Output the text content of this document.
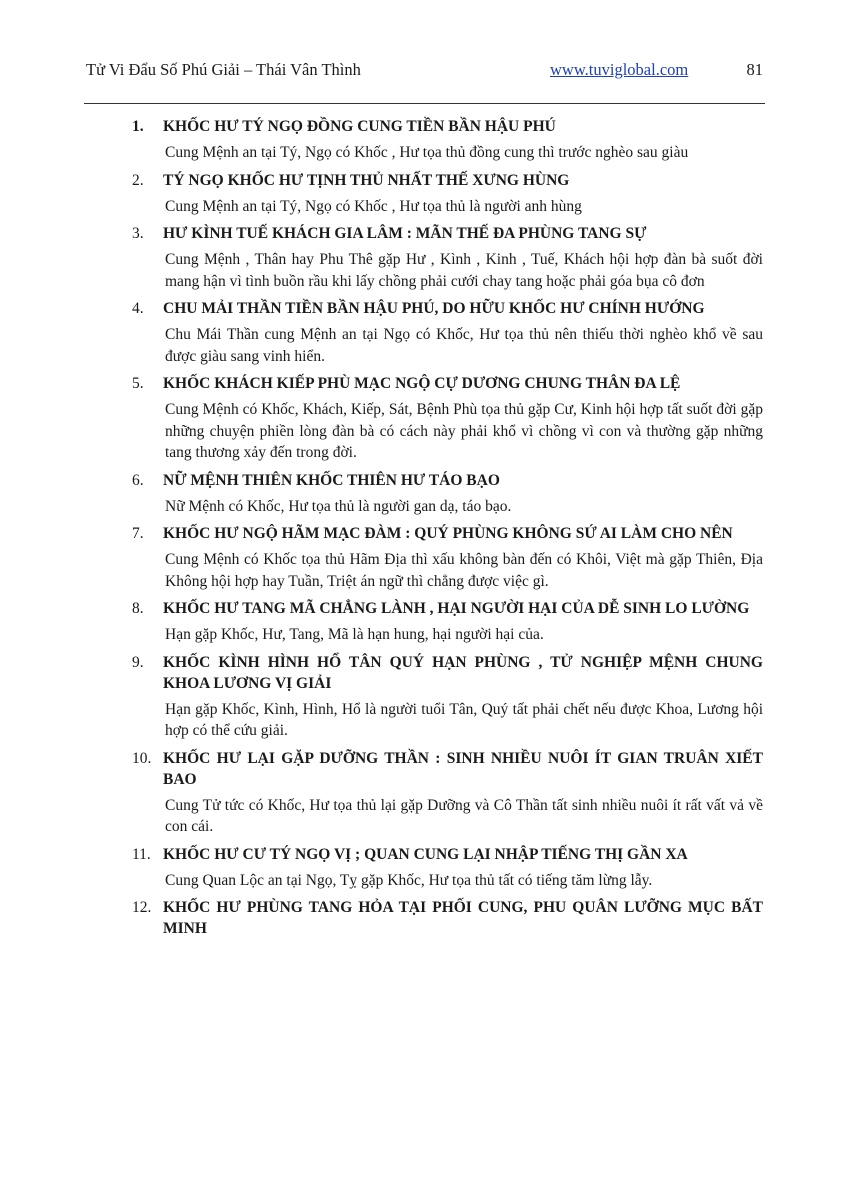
Tử Vi Đẩu Số Phú Giải – Thái Vân Thình	www.tuviglobal.com	81
1.	KHỐC HƯ TÝ NGỌ ĐỒNG CUNG TIỀN BẦN HẬU PHÚ
Cung Mệnh an tại Tý, Ngọ có Khốc , Hư tọa thủ đồng cung thì trước nghèo sau giàu
2.	TÝ NGỌ KHỐC HƯ TỊNH THỦ NHẤT THẾ XƯNG HÙNG
Cung Mệnh an tại Tý, Ngọ có Khốc , Hư tọa thủ là người anh hùng
3.	HƯ KÌNH TUẾ KHÁCH GIA LÂM : MÃN THẾ ĐA PHÙNG TANG SỰ
Cung Mệnh , Thân hay Phu Thê gặp Hư , Kình , Kinh , Tuế, Khách hội hợp đàn bà suốt đời mang hận vì tình buồn rầu khi lấy chồng phải cưới chay tang hoặc phải góa bụa cô đơn
4.	CHU MẢI THẦN TIỀN BẦN HẬU PHÚ, DO HỮU KHỐC HƯ CHÍNH HƯỚNG
Chu Mái Thần cung Mệnh an tại Ngọ có Khốc, Hư tọa thủ nên thiếu thời nghèo khổ về sau được giàu sang vinh hiển.
5.	KHỐC KHÁCH KIẾP PHÙ MẠC NGỘ CỰ DƯƠNG CHUNG THÂN ĐA LỆ
Cung Mệnh có Khốc, Khách, Kiếp, Sát, Bệnh Phù tọa thủ gặp Cư, Kinh hội hợp tất suốt đời gặp những chuyện phiền lòng đàn bà có cách này phải khổ vì chồng vì con và thường gặp những tang thương xảy đến trong đời.
6.	NỮ MỆNH THIÊN KHỐC THIÊN HƯ TÁO BẠO
Nữ Mệnh có Khốc, Hư tọa thủ là người gan dạ, táo bạo.
7.	KHỐC HƯ NGỘ HÃM MẠC ĐÀM : QUÝ PHÙNG KHÔNG SỨ AI LÀM CHO NÊN
Cung Mệnh có Khốc tọa thủ Hãm Địa thì xấu không bàn đến có Khôi, Việt mà gặp Thiên, Địa Không hội hợp hay Tuần, Triệt án ngữ thì chẳng được việc gì.
8.	KHỐC HƯ TANG MÃ CHẲNG LÀNH , HẠI NGƯỜI HẠI CỦA DỄ SINH LO LƯỜNG
Hạn gặp Khốc, Hư, Tang, Mã là hạn hung, hại người hại của.
9.	KHỐC KÌNH HÌNH HỔ TÂN QUÝ HẠN PHÙNG , TỬ NGHIỆP MỆNH CHUNG KHOA LƯƠNG VỊ GIẢI
Hạn gặp Khốc, Kình, Hình, Hổ là người tuổi Tân, Quý tất phải chết nếu được Khoa, Lương hội hợp có thể cứu giải.
10. KHỐC HƯ LẠI GẶP DƯỠNG THẦN : SINH NHIỀU NUÔI ÍT GIAN TRUÂN XIẾT BAO
Cung Tử tức có Khốc, Hư tọa thủ lại gặp Dưỡng và Cô Thần tất sinh nhiều nuôi ít rất vất vả về con cái.
11. KHỐC HƯ CƯ TÝ NGỌ VỊ ; QUAN CUNG LẠI NHẬP TIẾNG THỊ GẦN XA
Cung Quan Lộc an tại Ngọ, Tỵ gặp Khốc, Hư tọa thủ tất có tiếng tăm lừng lẫy.
12. KHỐC HƯ PHÙNG TANG HỎA TẠI PHỐI CUNG, PHU QUÂN LƯỠNG MỤC BẤT MINH
